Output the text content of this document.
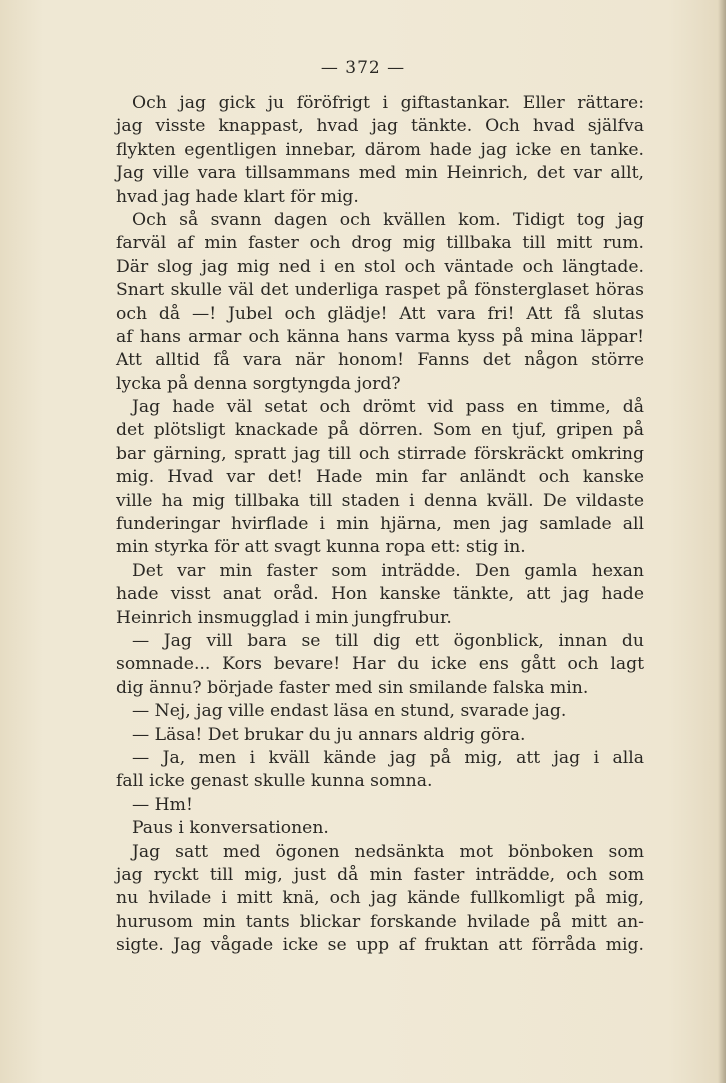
— 372 —
Och jag gick ju föröfrigt i giftastankar. Eller rättare:
jag visste knappast, hvad jag tänkte. Och hvad själfva
flykten egentligen innebar, därom hade jag icke en tanke.
Jag ville vara tillsammans med min Heinrich, det var allt,
hvad jag hade klart för mig.
Och så svann dagen och kvällen kom. Tidigt tog jag
farväl af min faster och drog mig tillbaka till mitt rum.
Där slog jag mig ned i en stol och väntade och längtade.
Snart skulle väl det underliga raspet på fönsterglaset höras
och då —! Jubel och glädje! Att vara fri! Att få slutas
af hans armar och känna hans varma kyss på mina läppar!
Att alltid få vara när honom! Fanns det någon större
lycka på denna sorgtyngda jord?
Jag hade väl setat och drömt vid pass en timme, då
det plötsligt knackade på dörren. Som en tjuf, gripen på
bar gärning, spratt jag till och stirrade förskräckt omkring
mig. Hvad var det! Hade min far anländt och kanske
ville ha mig tillbaka till staden i denna kväll. De vildaste
funderingar hvirflade i min hjärna, men jag samlade all
min styrka för att svagt kunna ropa ett: stig in.
Det var min faster som inträdde. Den gamla hexan
hade visst anat oråd. Hon kanske tänkte, att jag hade
Heinrich insmugglad i min jungfrubur.
— Jag vill bara se till dig ett ögonblick, innan du
somnade... Kors bevare! Har du icke ens gått och lagt
dig ännu? började faster med sin smilande falska min.
— Nej, jag ville endast läsa en stund, svarade jag.
— Läsa! Det brukar du ju annars aldrig göra.
— Ja, men i kväll kände jag på mig, att jag i alla
fall icke genast skulle kunna somna.
— Hm!
Paus i konversationen.
Jag satt med ögonen nedsänkta mot bönboken som
jag ryckt till mig, just då min faster inträdde, och som
nu hvilade i mitt knä, och jag kände fullkomligt på mig,
hurusom min tants blickar forskande hvilade på mitt an-
sigte. Jag vågade icke se upp af fruktan att förråda mig.
